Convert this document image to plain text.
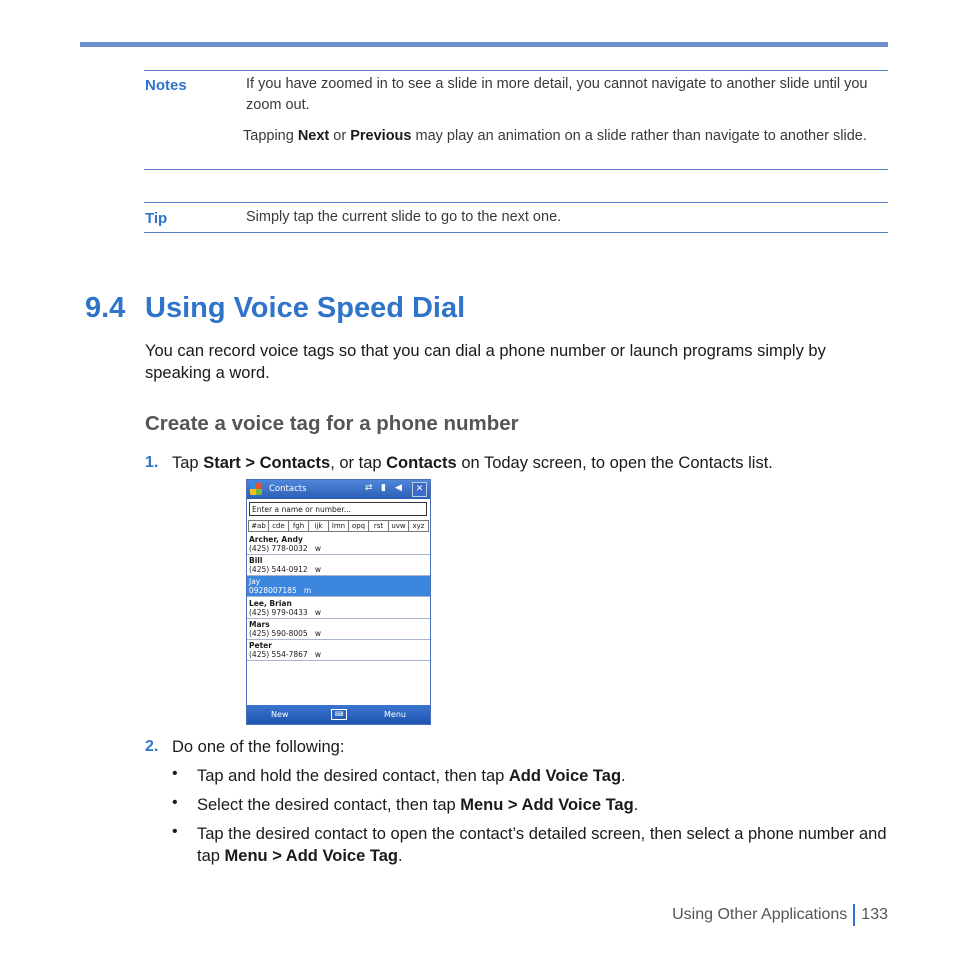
Notes	If you have zoomed in to see a slide in more detail, you cannot navigate to another slide until you zoom out.
Tapping Next or Previous may play an animation on a slide rather than navigate to another slide.
Tip	Simply tap the current slide to go to the next one.
9.4 Using Voice Speed Dial
You can record voice tags so that you can dial a phone number or launch programs simply by speaking a word.
Create a voice tag for a phone number
1. Tap Start > Contacts, or tap Contacts on Today screen, to open the Contacts list.
Contacts	⇄ ▮ ◀	✕
Enter a name or number...
#ab cde	fgh	ijk	lmn opq	rst	uvw xyz
Archer, Andy
(425) 778-0032 w
Bill
(425) 544-0912 w
Jay
0928007185 m
Lee, Brian
(425) 979-0433 w
Mars
(425) 590-8005 w
Peter
(425) 554-7867 w
New	⌨	Menu
2. Do one of the following:
• Tap and hold the desired contact, then tap Add Voice Tag.
• Select the desired contact, then tap Menu > Add Voice Tag.
• Tap the desired contact to open the contact’s detailed screen, then select a phone number and tap Menu > Add Voice Tag.
Using Other Applications 133
